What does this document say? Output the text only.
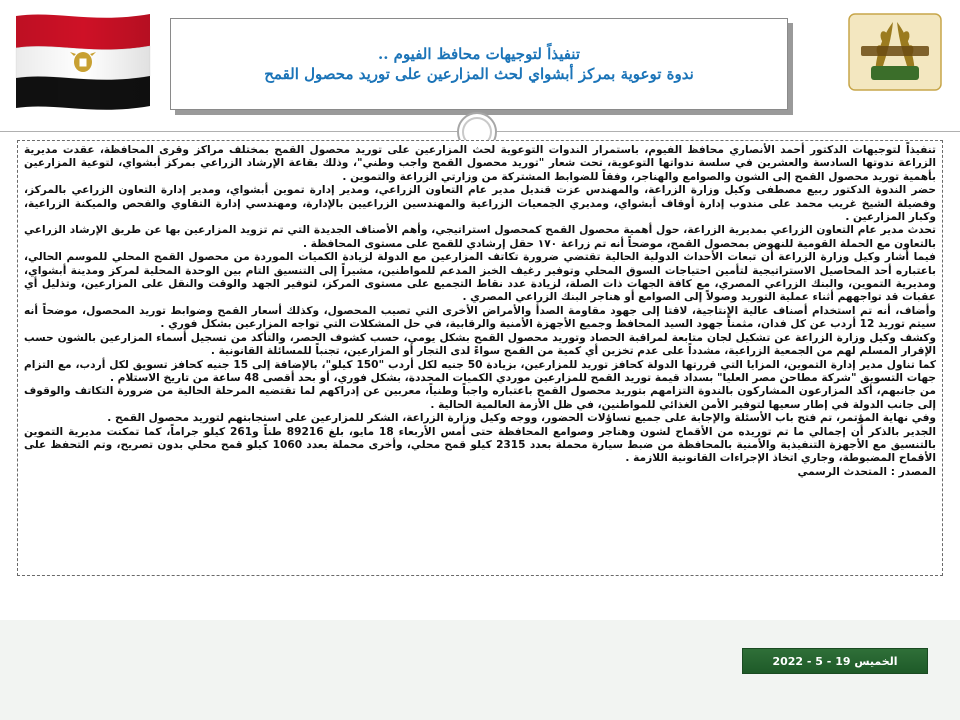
تنفيذاً لتوجيهات محافظ الفيوم ..
ندوة توعوية بمركز أبشواي لحث المزارعين على توريد محصول القمح

تنفيذاً لتوجيهات الدكتور أحمد الأنصاري محافظ الفيوم، باستمرار الندوات التوعوية لحث المزارعين على توريد محصول القمح بمختلف مراكز وقرى المحافظة، عقدت مديرية الزراعة ندوتها السادسة والعشرين في سلسة ندواتها التوعوية، تحت شعار "توريد محصول القمح واجب وطني"، وذلك بقاعة الإرشاد الزراعي بمركز أبشواي، لتوعية المزارعين بأهمية توريد محصول القمح إلى الشون والصوامع والهناجر، وفقاً للضوابط المشتركة من وزارتي الزراعة والتموين .

حضر الندوة الدكتور ربيع مصطفى وكيل وزارة الزراعة، والمهندس عزت قنديل مدير عام التعاون الزراعي، ومدير إدارة تموين أبشواي، ومدير إدارة التعاون الزراعي بالمركز، وفضيلة الشيخ غريب محمد على مندوب إدارة أوقاف أبشواي، ومديري الجمعيات الزراعية والمهندسين الزراعيين بالإدارة، ومهندسي إدارة التقاوي والفحص والميكنة الزراعية، وكبار المزارعين .

تحدث مدير عام التعاون الزراعي بمديرية الزراعة، حول أهمية محصول القمح كمحصول استراتيجي، وأهم الأصناف الجديدة التي تم تزويد المزارعين بها عن طريق الإرشاد الزراعي بالتعاون مع الحملة القومية للنهوض بمحصول القمح، موضحاً أنه تم زراعة ١٧٠ حقل إرشادي للقمح على مستوى المحافظة .

فيما أشار وكيل وزارة الزراعة أن تبعات الأحداث الدولية الحالية تقتضي ضرورة تكاتف المزارعين مع الدولة لزيادة الكميات الموردة من محصول القمح المحلي للموسم الحالي، باعتباره أحد المحاصيل الاستراتيجية لتأمين احتياجات السوق المحلي وتوفير رغيف الخبز المدعم للمواطنين، مشيراً إلى التنسيق التام بين الوحدة المحلية لمركز ومدينة أبشواي، ومديرية التموين، والبنك الزراعي المصري، مع كافة الجهات ذات الصلة، لزيادة عدد نقاط التجميع على مستوى المركز، لتوفير الجهد والوقت والنقل على المزارعين، وتذليل أي عقبات قد تواجههم أثناء عملية التوريد وصولاً إلى الصوامع أو هناجر البنك الزراعي المصري .

وأضاف، أنه تم استخدام أصناف عالية الإنتاجية، لاقتا إلى جهود مقاومة الصدأ والأمراض الأخرى التي تصيب المحصول، وكذلك أسعار القمح وضوابط توريد المحصول، موضحاً أنه سيتم توريد 12 أردب عن كل فدان، مثمناً جهود السيد المحافظ وجميع الأجهزة الأمنية والرقابية، في حل المشكلات التي تواجه المزارعين بشكل فوري .

وكشف وكيل وزارة الزراعة عن تشكيل لجان متابعة لمراقبة الحصاد وتوريد محصول القمح بشكل يومي، حسب كشوف الحصر، والتأكد من تسجيل أسماء المزارعين بالشون حسب الإقرار المسلم لهم من الجمعية الزراعية، مشدداً على عدم تخزين أي كمية من القمح سواءً لدى التجار أو المزارعين، تجنباً للمسائلة القانونية .

كما تناول مدير إدارة التموين، المزايا التي قررتها الدولة كحافز توريد للمزارعين، بزيادة 50 جنيه لكل أردب "150 كيلو"، بالإضافة إلى 15 جنيه كحافز تسويق لكل أردب، مع التزام جهات التسويق "شركة مطاحن مصر العليا" بسداد قيمة توريد القمح للمزارعين موردي الكميات المحددة، بشكل فوري، أو بحد أقصى 48 ساعة من تاريخ الاستلام .

من جانبهم، أكد المزارعون المشاركون بالندوة التزامهم بتوريد محصول القمح باعتباره واجباً وطنياً، معربين عن إدراكهم لما تقتضيه المرحلة الحالية من ضرورة التكاتف والوقوف إلى جانب الدولة في إطار سعيها لتوفير الأمن الغذائي للمواطنين، في ظل الأزمة العالمية الحالية .

وفي نهاية المؤتمر، تم فتح باب الأسئلة والإجابة على جميع تساؤلات الحضور، ووجه وكيل وزارة الزراعة، الشكر للمزارعين على استجابتهم لتوريد محصول القمح .

الجدير بالذكر أن إجمالي ما تم توريده من الأقماح لشون وهناجر وصوامع المحافظة حتى أمس الأربعاء 18 مايو، بلغ 89216 طناً و261 كيلو جراماً، كما تمكنت مديرية التموين بالتنسيق مع الأجهزة التنفيذية والأمنية بالمحافظة من ضبط سيارة محملة بعدد 2315 كيلو قمح محلي، وأخرى محملة بعدد 1060 كيلو قمح محلي بدون تصريح، وتم التحفظ على الأقماح المضبوطة، وجاري اتخاذ الإجراءات القانونية اللازمة .

المصدر : المتحدث الرسمي

الخميس 19 - 5 - 2022
